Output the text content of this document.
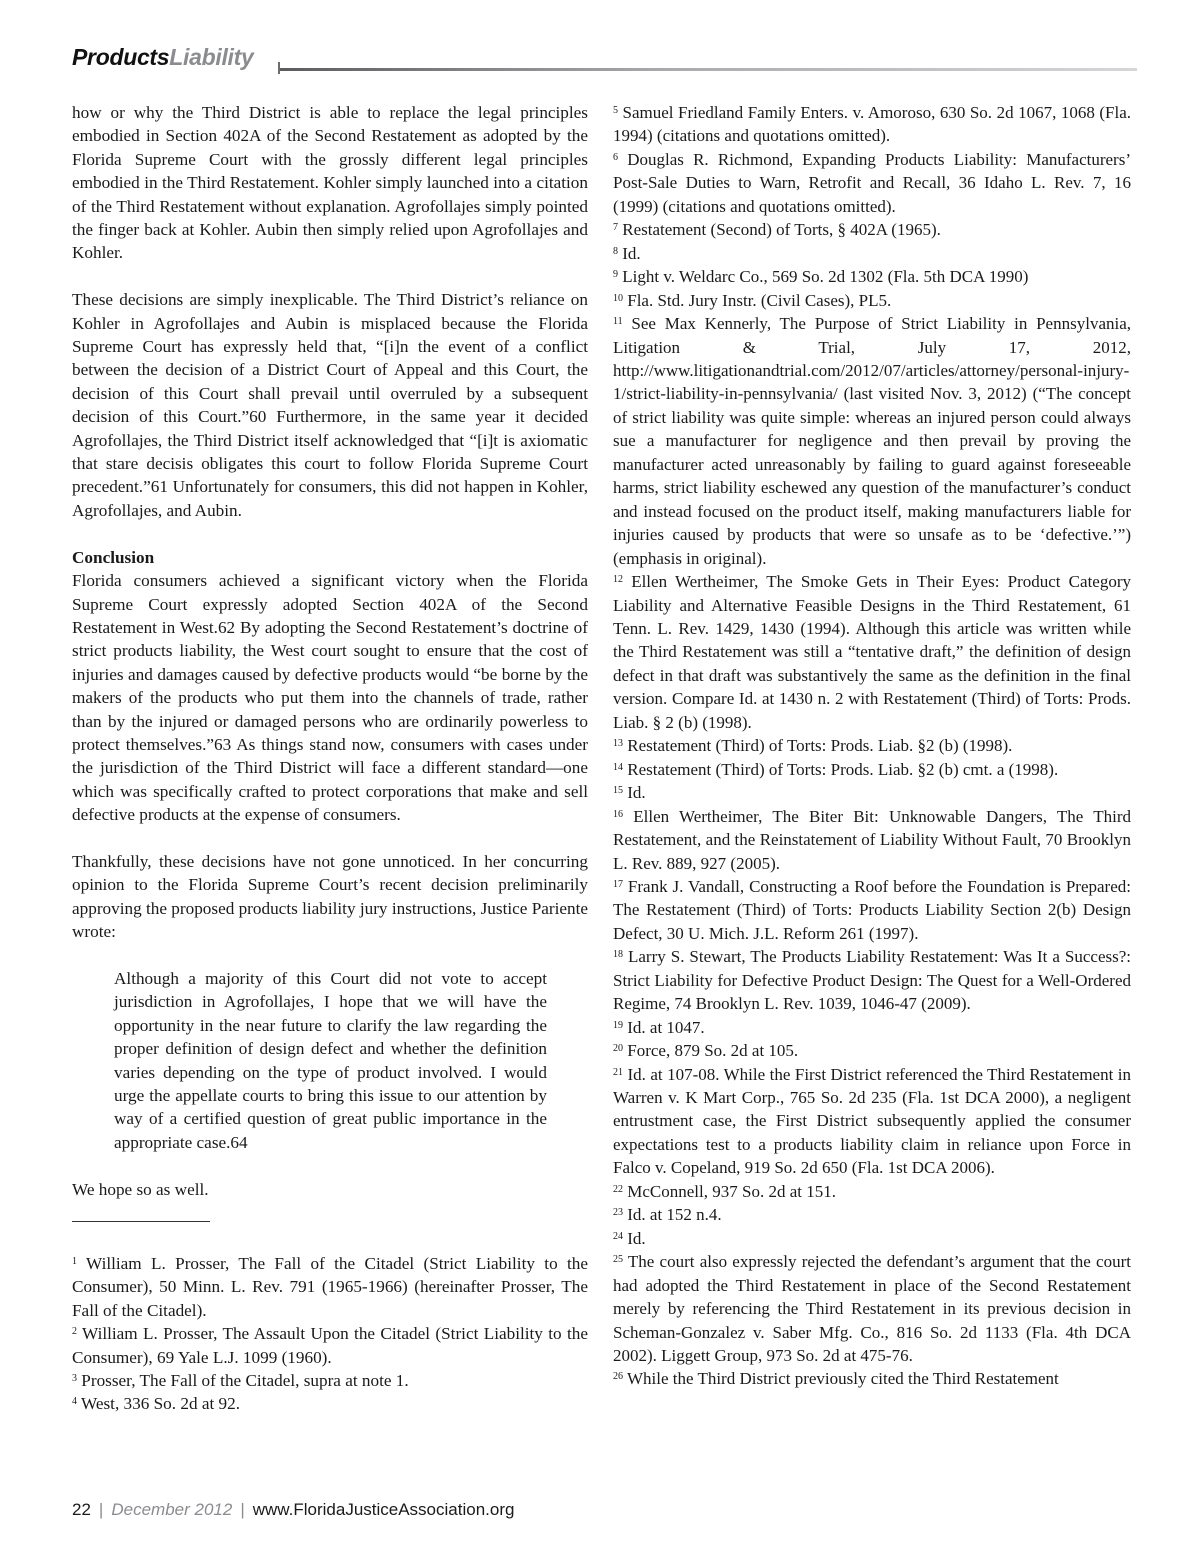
ProductsLiability

how or why the Third District is able to replace the legal principles embodied in Section 402A of the Second Restatement as adopted by the Florida Supreme Court with the grossly different legal principles embodied in the Third Restatement. Kohler simply launched into a citation of the Third Restatement without explanation. Agrofollajes simply pointed the finger back at Kohler. Aubin then simply relied upon Agrofollajes and Kohler.

These decisions are simply inexplicable. The Third District’s reliance on Kohler in Agrofollajes and Aubin is misplaced because the Florida Supreme Court has expressly held that, “[i]n the event of a conflict between the decision of a District Court of Appeal and this Court, the decision of this Court shall prevail until overruled by a subsequent decision of this Court.”60 Furthermore, in the same year it decided Agrofollajes, the Third District itself acknowledged that “[i]t is axiomatic that stare decisis obligates this court to follow Florida Supreme Court precedent.”61 Unfortunately for consumers, this did not happen in Kohler, Agrofollajes, and Aubin.

Conclusion

Florida consumers achieved a significant victory when the Florida Supreme Court expressly adopted Section 402A of the Second Restatement in West.62 By adopting the Second Restatement’s doctrine of strict products liability, the West court sought to ensure that the cost of injuries and damages caused by defective products would “be borne by the makers of the products who put them into the channels of trade, rather than by the injured or damaged persons who are ordinarily powerless to protect themselves.”63 As things stand now, consumers with cases under the jurisdiction of the Third District will face a different standard—one which was specifically crafted to protect corporations that make and sell defective products at the expense of consumers.

Thankfully, these decisions have not gone unnoticed. In her concurring opinion to the Florida Supreme Court’s recent decision preliminarily approving the proposed products liability jury instructions, Justice Pariente wrote:

Although a majority of this Court did not vote to accept jurisdiction in Agrofollajes, I hope that we will have the opportunity in the near future to clarify the law regarding the proper definition of design defect and whether the definition varies depending on the type of product involved. I would urge the appellate courts to bring this issue to our attention by way of a certified question of great public importance in the appropriate case.64

We hope so as well.

$^1$ William L. Prosser, The Fall of the Citadel (Strict Liability to the Consumer), 50 Minn. L. Rev. 791 (1965-1966) (hereinafter Prosser, The Fall of the Citadel).

$^2$ William L. Prosser, The Assault Upon the Citadel (Strict Liability to the Consumer), 69 Yale L.J. 1099 (1960).

$^3$ Prosser, The Fall of the Citadel, supra at note 1.

$^4$ West, 336 So. 2d at 92.

$^5$ Samuel Friedland Family Enters. v. Amoroso, 630 So. 2d 1067, 1068 (Fla. 1994) (citations and quotations omitted).

$^6$ Douglas R. Richmond, Expanding Products Liability: Manufacturers’ Post-Sale Duties to Warn, Retrofit and Recall, 36 Idaho L. Rev. 7, 16 (1999) (citations and quotations omitted).

$^7$ Restatement (Second) of Torts, § 402A (1965).

$^8$ Id.

$^9$ Light v. Weldarc Co., 569 So. 2d 1302 (Fla. 5th DCA 1990)

$^{10}$ Fla. Std. Jury Instr. (Civil Cases), PL5.

$^{11}$ See Max Kennerly, The Purpose of Strict Liability in Pennsylvania, Litigation & Trial, July 17, 2012, http://www.litigationandtrial.com/2012/07/articles/attorney/personal-injury-1/strict-liability-in-pennsylvania/ (last visited Nov. 3, 2012) (“The concept of strict liability was quite simple: whereas an injured person could always sue a manufacturer for negligence and then prevail by proving the manufacturer acted unreasonably by failing to guard against foreseeable harms, strict liability eschewed any question of the manufacturer’s conduct and instead focused on the product itself, making manufacturers liable for injuries caused by products that were so unsafe as to be ‘defective.’”) (emphasis in original).

$^{12}$ Ellen Wertheimer, The Smoke Gets in Their Eyes: Product Category Liability and Alternative Feasible Designs in the Third Restatement, 61 Tenn. L. Rev. 1429, 1430 (1994). Although this article was written while the Third Restatement was still a “tentative draft,” the definition of design defect in that draft was substantively the same as the definition in the final version. Compare Id. at 1430 n. 2 with Restatement (Third) of Torts: Prods. Liab. § 2 (b) (1998).

$^{13}$ Restatement (Third) of Torts: Prods. Liab. §2 (b) (1998).

$^{14}$ Restatement (Third) of Torts: Prods. Liab. §2 (b) cmt. a (1998).

$^{15}$ Id.

$^{16}$ Ellen Wertheimer, The Biter Bit: Unknowable Dangers, The Third Restatement, and the Reinstatement of Liability Without Fault, 70 Brooklyn L. Rev. 889, 927 (2005).

$^{17}$ Frank J. Vandall, Constructing a Roof before the Foundation is Prepared: The Restatement (Third) of Torts: Products Liability Section 2(b) Design Defect, 30 U. Mich. J.L. Reform 261 (1997).

$^{18}$ Larry S. Stewart, The Products Liability Restatement: Was It a Success?: Strict Liability for Defective Product Design: The Quest for a Well-Ordered Regime, 74 Brooklyn L. Rev. 1039, 1046-47 (2009).

$^{19}$ Id. at 1047.

$^{20}$ Force, 879 So. 2d at 105.

$^{21}$ Id. at 107-08. While the First District referenced the Third Restatement in Warren v. K Mart Corp., 765 So. 2d 235 (Fla. 1st DCA 2000), a negligent entrustment case, the First District subsequently applied the consumer expectations test to a products liability claim in reliance upon Force in Falco v. Copeland, 919 So. 2d 650 (Fla. 1st DCA 2006).

$^{22}$ McConnell, 937 So. 2d at 151.

$^{23}$ Id. at 152 n.4.

$^{24}$ Id.

$^{25}$ The court also expressly rejected the defendant’s argument that the court had adopted the Third Restatement in place of the Second Restatement merely by referencing the Third Restatement in its previous decision in Scheman-Gonzalez v. Saber Mfg. Co., 816 So. 2d 1133 (Fla. 4th DCA 2002). Liggett Group, 973 So. 2d at 475-76.

$^{26}$ While the Third District previously cited the Third Restatement

22 | December 2012 | www.FloridaJusticeAssociation.org
